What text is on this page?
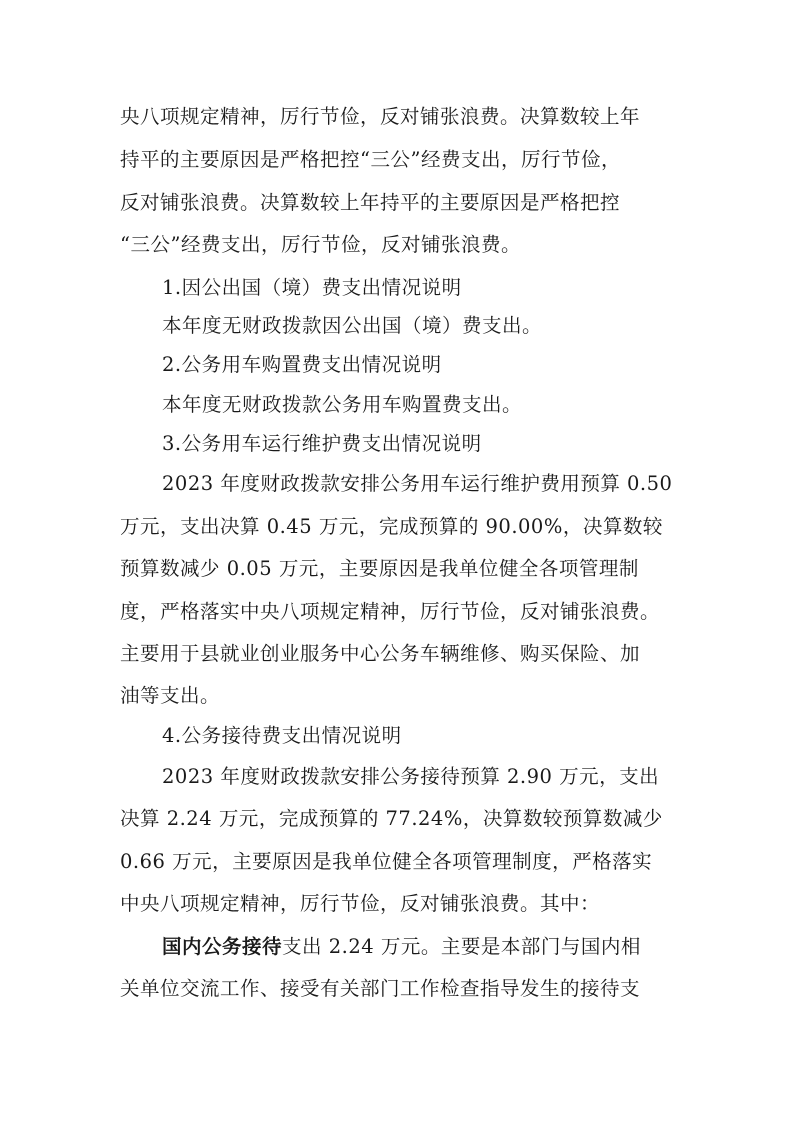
央八项规定精神，厉行节俭，反对铺张浪费。决算数较上年
持平的主要原因是严格把控“三公”经费支出，厉行节俭，
反对铺张浪费。决算数较上年持平的主要原因是严格把控
“三公”经费支出，厉行节俭，反对铺张浪费。
1.因公出国（境）费支出情况说明
本年度无财政拨款因公出国（境）费支出。
2.公务用车购置费支出情况说明
本年度无财政拨款公务用车购置费支出。
3.公务用车运行维护费支出情况说明
2023 年度财政拨款安排公务用车运行维护费用预算 0.50
万元，支出决算 0.45 万元，完成预算的 90.00%，决算数较
预算数减少 0.05 万元，主要原因是我单位健全各项管理制
度，严格落实中央八项规定精神，厉行节俭，反对铺张浪费。
主要用于县就业创业服务中心公务车辆维修、购买保险、加
油等支出。
4.公务接待费支出情况说明
2023 年度财政拨款安排公务接待预算 2.90 万元，支出
决算 2.24 万元，完成预算的 77.24%，决算数较预算数减少
0.66 万元，主要原因是我单位健全各项管理制度，严格落实
中央八项规定精神，厉行节俭，反对铺张浪费。其中：
国内公务接待支出 2.24 万元。主要是本部门与国内相
关单位交流工作、接受有关部门工作检查指导发生的接待支
